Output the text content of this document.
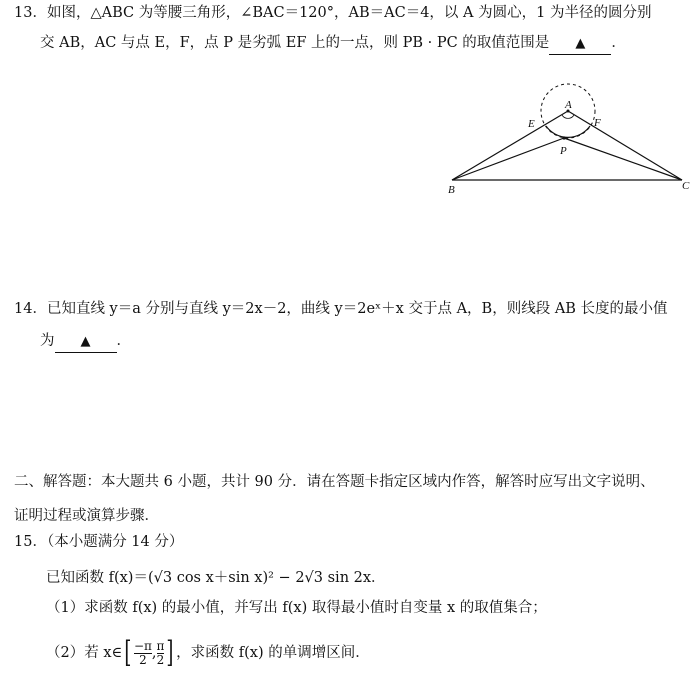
13．如图，△ABC 为等腰三角形，∠BAC＝120°，AB＝AC＝4，以 A 为圆心，1 为半径的圆分别
交 AB，AC 与点 E，F，点 P 是劣弧 EF 上的一点，则 PB · PC 的取值范围是 ▲ ．
A
E	F
P
B	C
14．已知直线 y＝a 分别与直线 y＝2x－2，曲线 y＝2eˣ＋x 交于点 A，B，则线段 AB 长度的最小值
为 ▲ ．
二、解答题：本大题共 6 小题，共计 90 分．请在答题卡指定区域内作答，解答时应写出文字说明、
证明过程或演算步骤．
15．（本小题满分 14 分）
已知函数 f(x)＝(√3 cos x＋sin x)² − 2√3 sin 2x．
（1）求函数 f(x) 的最小值，并写出 f(x) 取得最小值时自变量 x 的取值集合；
（2）若 x∈ [ $\frac{-\pi}{2}$ , $\frac{\pi}{2}$ ] ，求函数 f(x) 的单调增区间．
